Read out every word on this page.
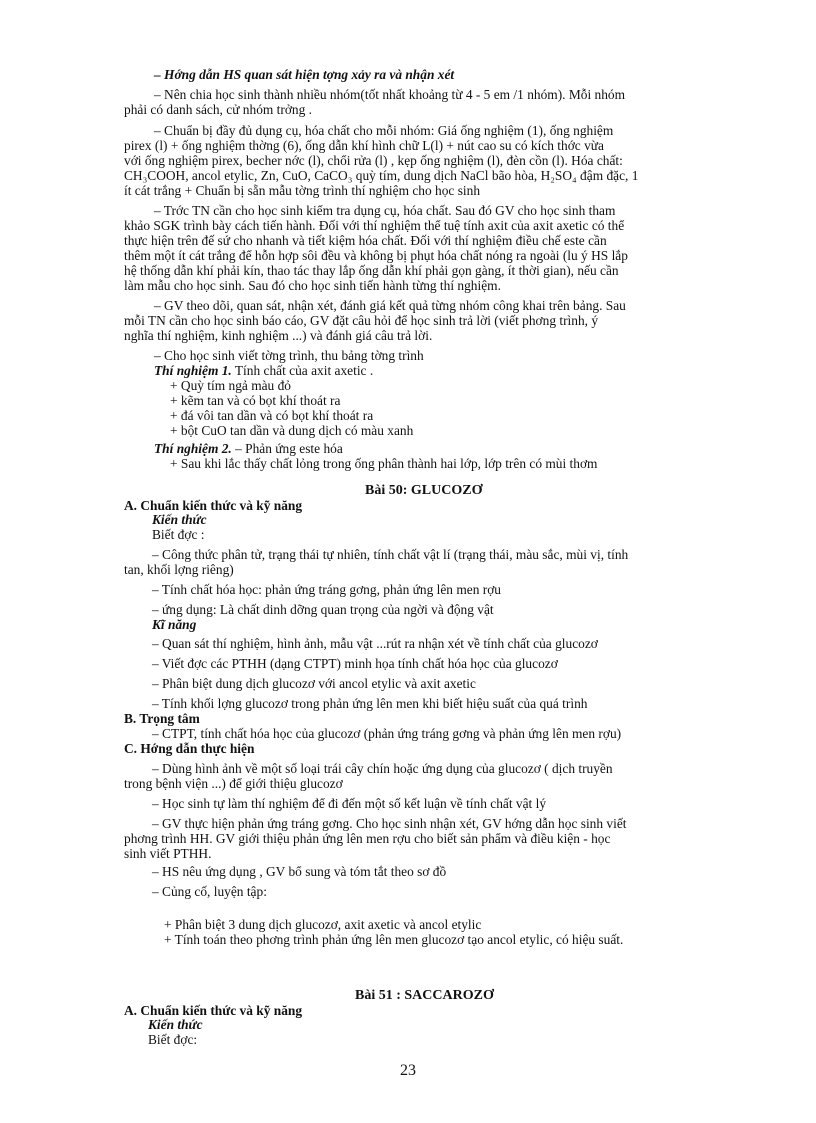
– Hớng dẫn HS quan sát hiện tợng xảy ra và nhận xét
– Nên chia học sinh thành nhiều nhóm(tốt nhất khoảng từ 4 - 5 em /1 nhóm). Mỗi nhóm
phải có danh sách, cử nhóm trởng .
– Chuẩn bị đầy đủ dụng cụ, hóa chất cho mỗi nhóm: Giá ống nghiệm (1), ống nghiệm
pirex (l) + ống nghiệm thờng (6), ống dẫn khí hình chữ L(l) + nút cao su có kích thớc vừa
với ống nghiệm pirex, becher nớc (l), chổi rửa (l) , kẹp ống nghiệm (l), đèn cồn (l). Hóa chất:
CH₃COOH, ancol etylic, Zn, CuO, CaCO₃ quỳ tím, dung dịch NaCl bão hòa, H₂SO₄ đậm đặc, 1
ít cát trắng + Chuẩn bị sẵn mẫu tờng trình thí nghiệm cho học sinh
– Trớc TN cần cho học sinh kiểm tra dụng cụ, hóa chất. Sau đó GV cho học sinh tham
khảo SGK trình bày cách tiến hành. Đối với thí nghiệm thể tuệ tính axit của axit axetic có thể
thực hiện trên đế sứ cho nhanh và tiết kiệm hóa chất. Đối với thí nghiệm điều chế este cần
thêm một ít cát trắng để hỗn hợp sôi đều và không bị phụt hóa chất nóng ra ngoài (lu ý HS lắp
hệ thống dẫn khí phải kín, thao tác thay lắp ống dẫn khí phải gọn gàng, ít thời gian), nếu cần
làm mẫu cho học sinh. Sau đó cho học sinh tiến hành từng thí nghiệm.
– GV theo dõi, quan sát, nhận xét, đánh giá kết quả từng nhóm công khai trên bảng. Sau
mỗi TN cần cho học sinh báo cáo, GV đặt câu hỏi để học sinh trả lời (viết phơng trình, ý
nghĩa thí nghiệm, kinh nghiệm ...) và đánh giá câu trả lời.
– Cho học sinh viết tờng trình, thu bảng tờng trình
Thí nghiệm 1. Tính chất của axit axetic .
+ Quỳ tím ngả màu đỏ
+ kẽm tan và có bọt khí thoát ra
+ đá vôi tan dần và có bọt khí thoát ra
+ bột CuO tan dần và dung dịch có màu xanh
Thí nghiệm 2. – Phản ứng este hóa
+ Sau khi lắc thấy chất lỏng trong ống phân thành hai lớp, lớp trên có mùi thơm
Bài 50: GLUCOZƠ
A. Chuẩn kiến thức và kỹ năng
Kiến thức
Biết đợc :
– Công thức phân tử, trạng thái tự nhiên, tính chất vật lí (trạng thái, màu sắc, mùi vị, tính
tan, khối lợng riêng)
– Tính chất hóa học: phản ứng tráng gơng, phản ứng lên men rợu
– ứng dụng: Là chất dinh dỡng quan trọng của ngời và động vật
Kĩ năng
– Quan sát thí nghiệm, hình ảnh, mẫu vật ...rút ra nhận xét về tính chất của glucozơ
– Viết đợc các PTHH (dạng CTPT) minh họa tính chất hóa học của glucozơ
– Phân biệt dung dịch glucozơ với ancol etylic và axit axetic
– Tính khối lợng glucozơ trong phản ứng lên men khi biết hiệu suất của quá trình
B. Trọng tâm
– CTPT, tính chất hóa học của glucozơ (phản ứng tráng gơng và phản ứng lên men rợu)
C. Hớng dẫn thực hiện
– Dùng hình ảnh về một số loại trái cây chín hoặc ứng dụng của glucozơ ( dịch truyền
trong bệnh viện ...) để giới thiệu glucozơ
– Học sinh tự làm thí nghiệm để đi đến một số kết luận về tính chất vật lý
– GV thực hiện phản ứng tráng gơng. Cho học sinh nhận xét, GV hớng dẫn học sinh viết
phơng trình HH. GV giới thiệu phản ứng lên men rợu cho biết sản phẩm và điều kiện - học
sinh viết PTHH.
– HS nêu ứng dụng , GV bổ sung và tóm tắt theo sơ đồ
– Củng cố, luyện tập:
+ Phân biệt 3 dung dịch glucozơ, axit axetic và ancol etylic
+ Tính toán theo phơng trình phản ứng lên men glucozơ tạo ancol etylic, có hiệu suất.
Bài 51 : SACCAROZƠ
A. Chuẩn kiến thức và kỹ năng
Kiến thức
Biết đợc:
23
